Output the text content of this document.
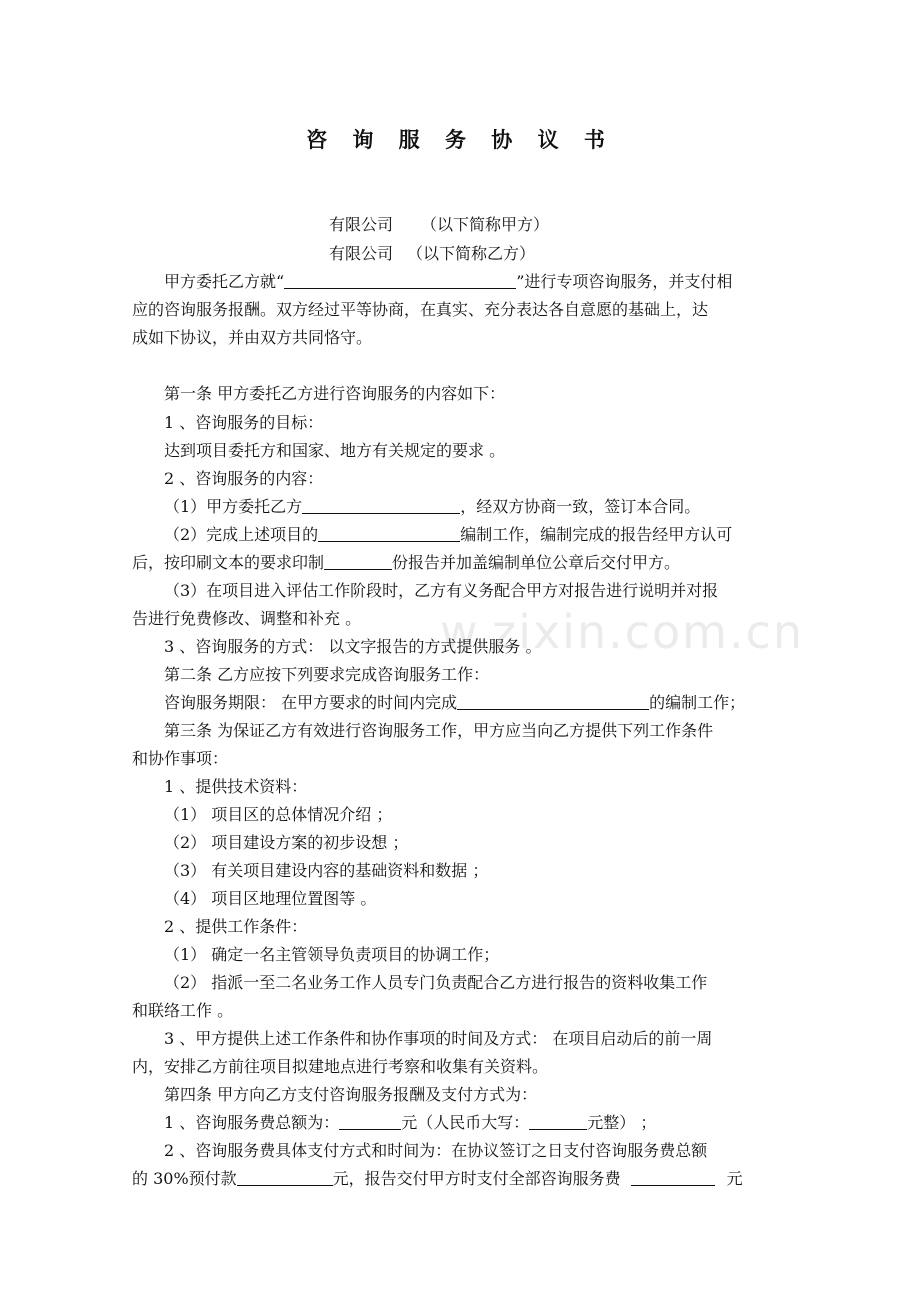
w.zixin.com.cn
咨 询 服 务 协 议 书
有限公司 （以下简称甲方）
有限公司 （以下简称乙方）
甲方委托乙方就“	”进行专项咨询服务，并支付相
应的咨询服务报酬。双方经过平等协商，在真实、充分表达各自意愿的基础上，达
成如下协议，并由双方共同恪守。
第一条 甲方委托乙方进行咨询服务的内容如下：
1 、咨询服务的目标：
达到项目委托方和国家、地方有关规定的要求 。
2 、咨询服务的内容：
（1）甲方委托乙方	，经双方协商一致，签订本合同。
（2）完成上述项目的	编制工作，编制完成的报告经甲方认可
后，按印刷文本的要求印制	份报告并加盖编制单位公章后交付甲方。
（3）在项目进入评估工作阶段时，乙方有义务配合甲方对报告进行说明并对报
告进行免费修改、调整和补充 。
3 、咨询服务的方式： 以文字报告的方式提供服务 。
第二条 乙方应按下列要求完成咨询服务工作：
咨询服务期限： 在甲方要求的时间内完成	的编制工作；
第三条 为保证乙方有效进行咨询服务工作，甲方应当向乙方提供下列工作条件
和协作事项：
1 、提供技术资料：
（1） 项目区的总体情况介绍 ；
（2） 项目建设方案的初步设想 ；
（3） 有关项目建设内容的基础资料和数据 ；
（4） 项目区地理位置图等 。
2 、提供工作条件：
（1） 确定一名主管领导负责项目的协调工作；
（2） 指派一至二名业务工作人员专门负责配合乙方进行报告的资料收集工作
和联络工作 。
3 、甲方提供上述工作条件和协作事项的时间及方式： 在项目启动后的前一周
内，安排乙方前往项目拟建地点进行考察和收集有关资料。
第四条 甲方向乙方支付咨询服务报酬及支付方式为：
1 、咨询服务费总额为：	元（人民币大写：	元整） ；
2 、咨询服务费具体支付方式和时间为：在协议签订之日支付咨询服务费总额
的 30%预付款	元，报告交付甲方时支付全部咨询服务费	元
